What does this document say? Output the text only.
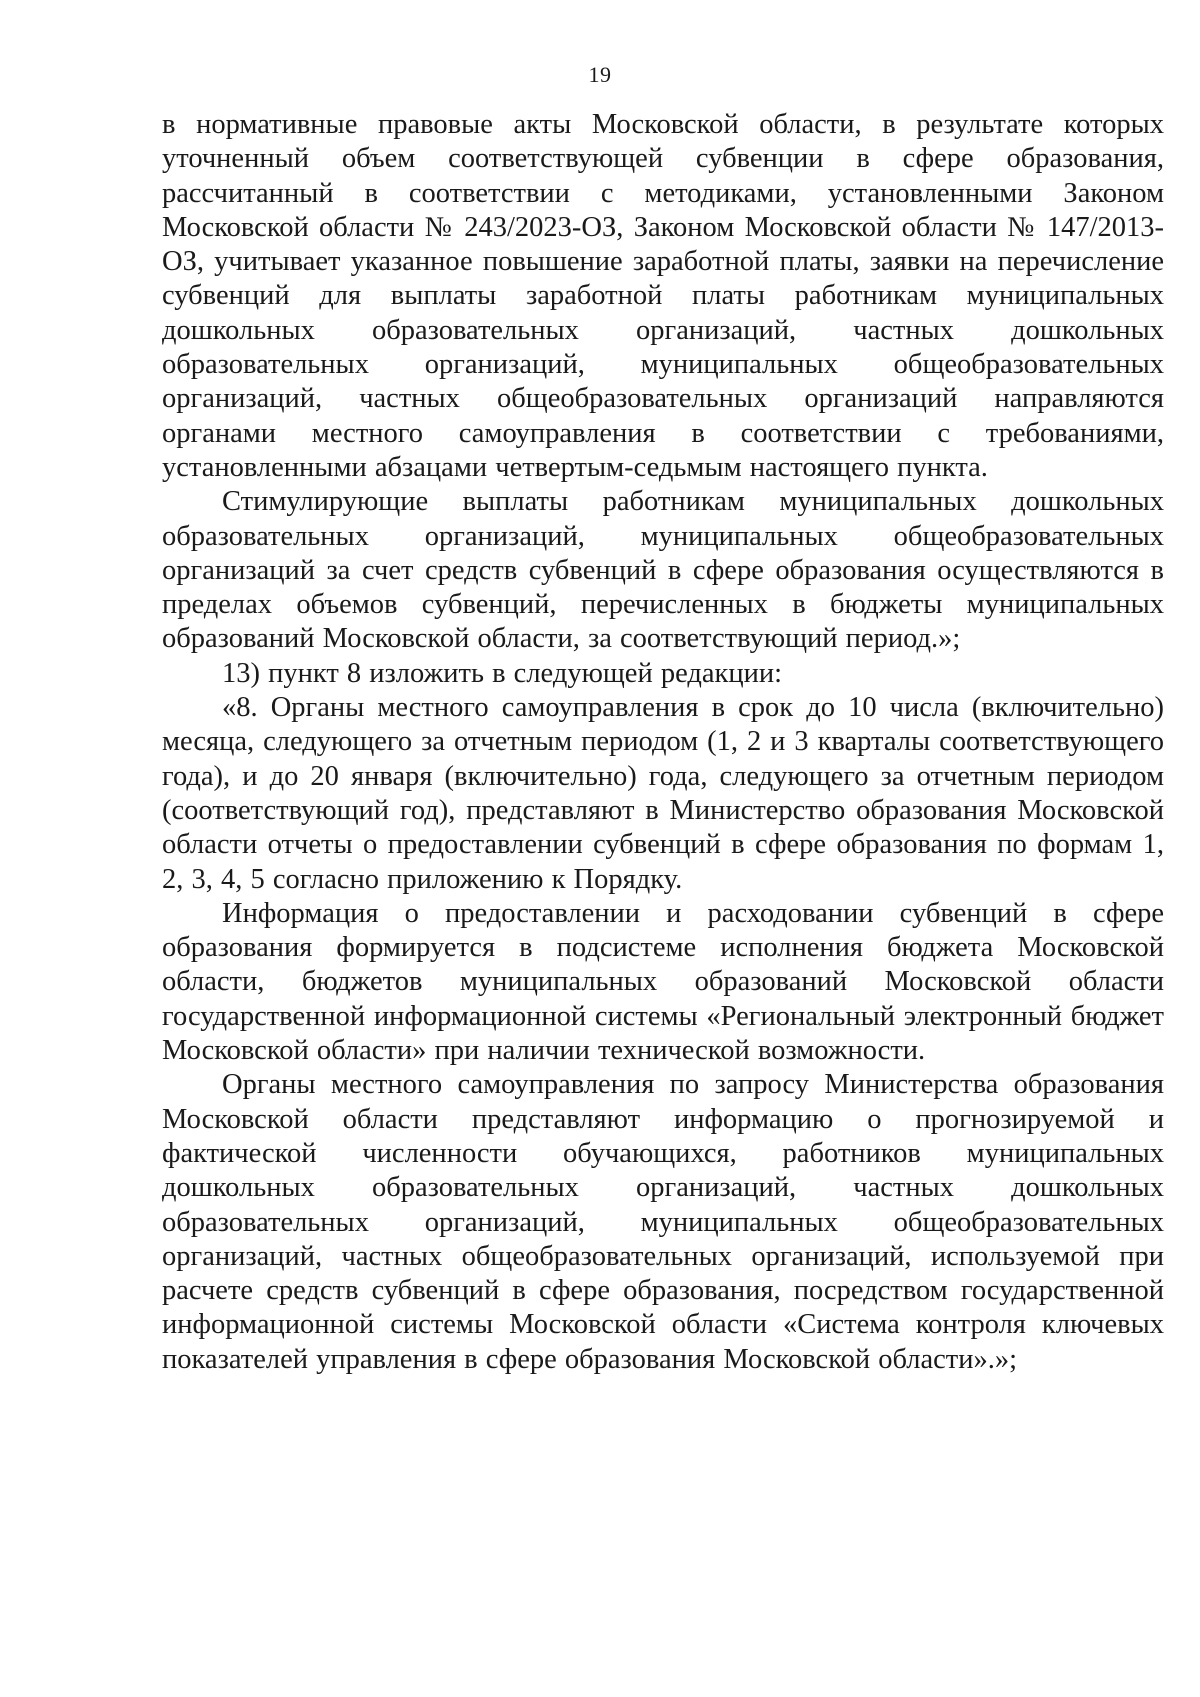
19

в нормативные правовые акты Московской области, в результате которых уточненный объем соответствующей субвенции в сфере образования, рассчитанный в соответствии с методиками, установленными Законом Московской области № 243/2023-ОЗ, Законом Московской области № 147/2013-ОЗ, учитывает указанное повышение заработной платы, заявки на перечисление субвенций для выплаты заработной платы работникам муниципальных дошкольных образовательных организаций, частных дошкольных образовательных организаций, муниципальных общеобразовательных организаций, частных общеобразовательных организаций направляются органами местного самоуправления в соответствии с требованиями, установленными абзацами четвертым-седьмым настоящего пункта.

Стимулирующие выплаты работникам муниципальных дошкольных образовательных организаций, муниципальных общеобразовательных организаций за счет средств субвенций в сфере образования осуществляются в пределах объемов субвенций, перечисленных в бюджеты муниципальных образований Московской области, за соответствующий период.»;

13) пункт 8 изложить в следующей редакции:

«8. Органы местного самоуправления в срок до 10 числа (включительно) месяца, следующего за отчетным периодом (1, 2 и 3 кварталы соответствующего года), и до 20 января (включительно) года, следующего за отчетным периодом (соответствующий год), представляют в Министерство образования Московской области отчеты о предоставлении субвенций в сфере образования по формам 1, 2, 3, 4, 5 согласно приложению к Порядку.

Информация о предоставлении и расходовании субвенций в сфере образования формируется в подсистеме исполнения бюджета Московской области, бюджетов муниципальных образований Московской области государственной информационной системы «Региональный электронный бюджет Московской области» при наличии технической возможности.

Органы местного самоуправления по запросу Министерства образования Московской области представляют информацию о прогнозируемой и фактической численности обучающихся, работников муниципальных дошкольных образовательных организаций, частных дошкольных образовательных организаций, муниципальных общеобразовательных организаций, частных общеобразовательных организаций, используемой при расчете средств субвенций в сфере образования, посредством государственной информационной системы Московской области «Система контроля ключевых показателей управления в сфере образования Московской области».»;
